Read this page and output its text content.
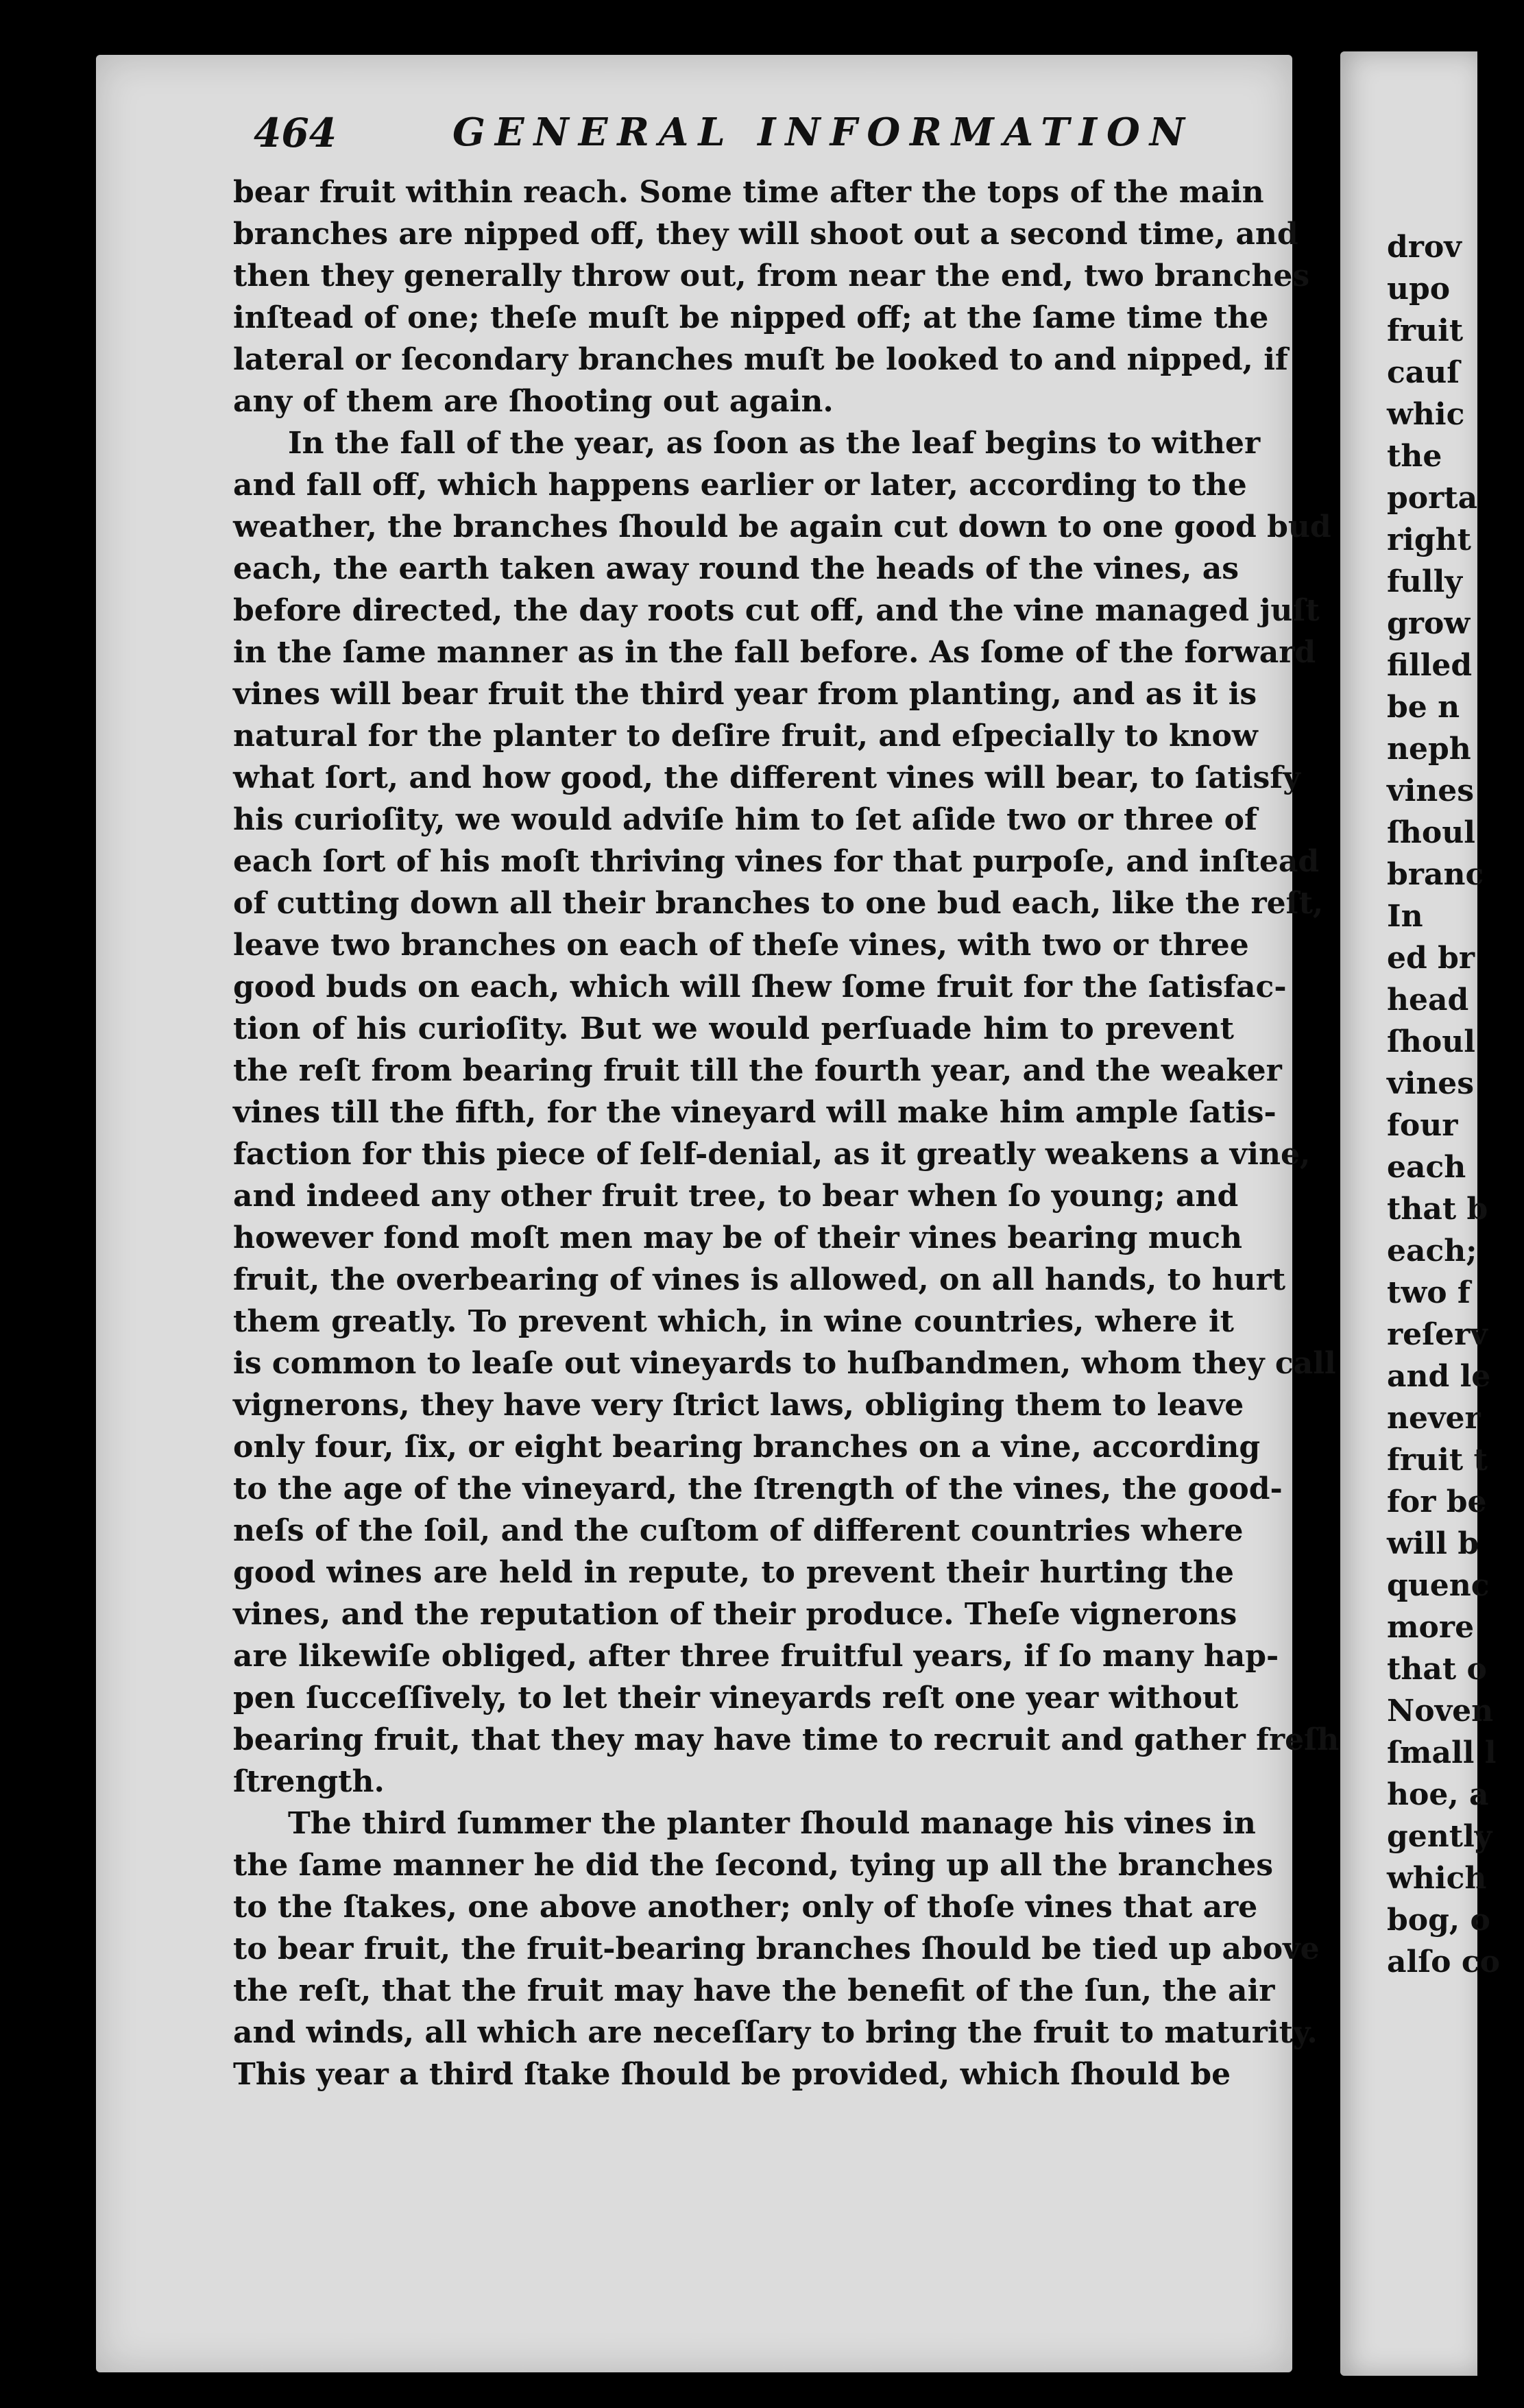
drov
upo
fruit
cauſ
whic
the
porta
right
fully
grow
filled
be n
neph
vines
ſhoul
branc
In
ed br
head
ſhoul
vines
four
each
that b
each;
two f
reſerv
and le
never
fruit t
for be
will b
quenc
more
that o
Noven
ſmall l
hoe, a
gently
which
bog, o
alſo co
464	GENERAL INFORMATION
bear fruit within reach. Some time after the tops of the main
branches are nipped off, they will shoot out a second time, and
then they generally throw out, from near the end, two branches
inſtead of one; theſe muſt be nipped off; at the ſame time the
lateral or ſecondary branches muſt be looked to and nipped, if
any of them are ſhooting out again.
In the fall of the year, as ſoon as the leaf begins to wither
and fall off, which happens earlier or later, according to the
weather, the branches ſhould be again cut down to one good bud
each, the earth taken away round the heads of the vines, as
before directed, the day roots cut off, and the vine managed juſt
in the ſame manner as in the fall before. As ſome of the forward
vines will bear fruit the third year from planting, and as it is
natural for the planter to deſire fruit, and eſpecially to know
what ſort, and how good, the different vines will bear, to ſatisfy
his curioſity, we would adviſe him to ſet aſide two or three of
each ſort of his moſt thriving vines for that purpoſe, and inſtead
of cutting down all their branches to one bud each, like the reſt,
leave two branches on each of theſe vines, with two or three
good buds on each, which will ſhew ſome fruit for the ſatisfac-
tion of his curioſity. But we would perſuade him to prevent
the reſt from bearing fruit till the fourth year, and the weaker
vines till the fifth, for the vineyard will make him ample ſatis-
faction for this piece of ſelf-denial, as it greatly weakens a vine,
and indeed any other fruit tree, to bear when ſo young; and
however fond moſt men may be of their vines bearing much
fruit, the overbearing of vines is allowed, on all hands, to hurt
them greatly. To prevent which, in wine countries, where it
is common to leaſe out vineyards to huſbandmen, whom they call
vignerons, they have very ſtrict laws, obliging them to leave
only four, ſix, or eight bearing branches on a vine, according
to the age of the vineyard, the ſtrength of the vines, the good-
neſs of the ſoil, and the cuſtom of different countries where
good wines are held in repute, to prevent their hurting the
vines, and the reputation of their produce. Theſe vignerons
are likewiſe obliged, after three fruitful years, if ſo many hap-
pen ſucceſſively, to let their vineyards reſt one year without
bearing fruit, that they may have time to recruit and gather freſh
ſtrength.
The third ſummer the planter ſhould manage his vines in
the ſame manner he did the ſecond, tying up all the branches
to the ſtakes, one above another; only of thoſe vines that are
to bear fruit, the fruit-bearing branches ſhould be tied up above
the reſt, that the fruit may have the benefit of the ſun, the air
and winds, all which are neceſſary to bring the fruit to maturity.
This year a third ſtake ſhould be provided, which ſhould be
